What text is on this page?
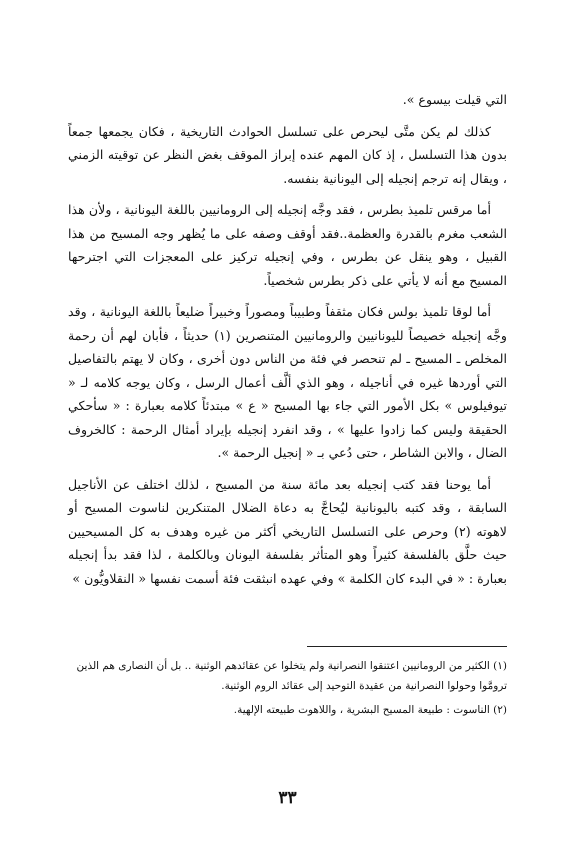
التي قيلت بيسوع ».

كذلك لم يكن متَّى ليحرص على تسلسل الحوادث التاريخية ، فكان يجمعها جمعاً بدون هذا التسلسل ، إذ كان المهم عنده إبراز الموقف بغض النظر عن توقيته الزمني ، ويقال إنه ترجم إنجيله إلى اليونانية بنفسه.

أما مرقس تلميذ بطرس ، فقد وجَّه إنجيله إلى الرومانيين باللغة اليونانية ، ولأن هذا الشعب مغرم بالقدرة والعظمة..فقد أوقف وصفه على ما يُظهر وجه المسيح من هذا القبيل ، وهو ينقل عن بطرس ، وفي إنجيله تركيز على المعجزات التي اجترحها المسيح مع أنه لا يأتي على ذكر بطرس شخصياً.

أما لوقا تلميذ بولس فكان مثقفاً وطبيباً ومصوراً وخبيراً ضليعاً باللغة اليونانية ، وقد وجَّه إنجيله خصيصاً لليونانيين والرومانيين المتنصرين (١) حديثاً ، فأبان لهم أن رحمة المخلص ـ المسيح ـ لم تنحصر في فئة من الناس دون أخرى ، وكان لا يهتم بالتفاصيل التي أوردها غيره في أناجيله ، وهو الذي ألَّف أعمال الرسل ، وكان يوجه كلامه لـ « تيوفيلوس » بكل الأمور التي جاء بها المسيح « ع » مبتدئاً كلامه بعبارة : « سأحكي الحقيقة وليس كما زادوا عليها » ، وقد انفرد إنجيله بإيراد أمثال الرحمة : كالخروف الضال ، والابن الشاطر ، حتى دُعي بـ « إنجيل الرحمة ».

أما يوحنا فقد كتب إنجيله بعد مائة سنة من المسيح ، لذلك اختلف عن الأناجيل السابقة ، وقد كتبه باليونانية ليُحاجَّ به دعاة الضلال المتنكرين لناسوت المسيح أو لاهوته (٢) وحرص على التسلسل التاريخي أكثر من غيره وهدف به كل المسيحيين حيث حلَّق بالفلسفة كثيراً وهو المتأثر بفلسفة اليونان وبالكلمة ، لذا فقد بدأ إنجيله بعبارة : « في البدء كان الكلمة » وفي عهده انبثقت فئة أسمت نفسها « النقلاويُّون »

(١) الكثير من الرومانيين اعتنقوا النصرانية ولم يتخلوا عن عقائدهم الوثنية .. بل أن النصارى هم الذين ترومَّوا وحولوا النصرانية من عقيدة التوحيد إلى عقائد الروم الوثنية.

(٢) الناسوت : طبيعة المسيح البشرية ، واللاهوت طبيعته الإلهية.

٣٣
